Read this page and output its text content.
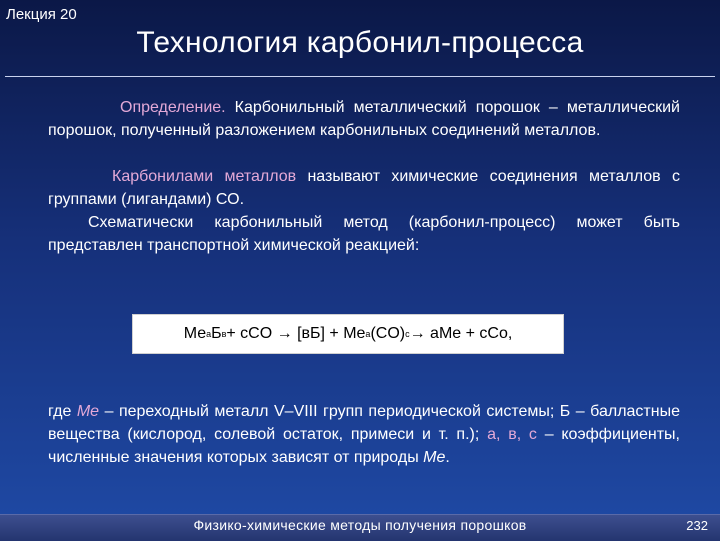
Лекция 20
Технология карбонил-процесса

Определение. Карбонильный металлический порошок – металлический порошок, полученный разложением карбонильных соединений металлов.

Карбонилами металлов называют химические соединения металлов с группами (лигандами) СО.

Схематически карбонильный метод (карбонил-процесс) может быть представлен транспортной химической реакцией:

Ме а Б в + cCO → [вБ] + Me a (CO) c → aMe + cCo,

где Ме – переходный металл V–VIII групп периодической системы; Б – балластные вещества (кислород, солевой остаток, примеси и т. п.); а, в, с – коэффициенты, численные значения которых зависят от природы Ме.

Физико-химические методы получения порошков	232
